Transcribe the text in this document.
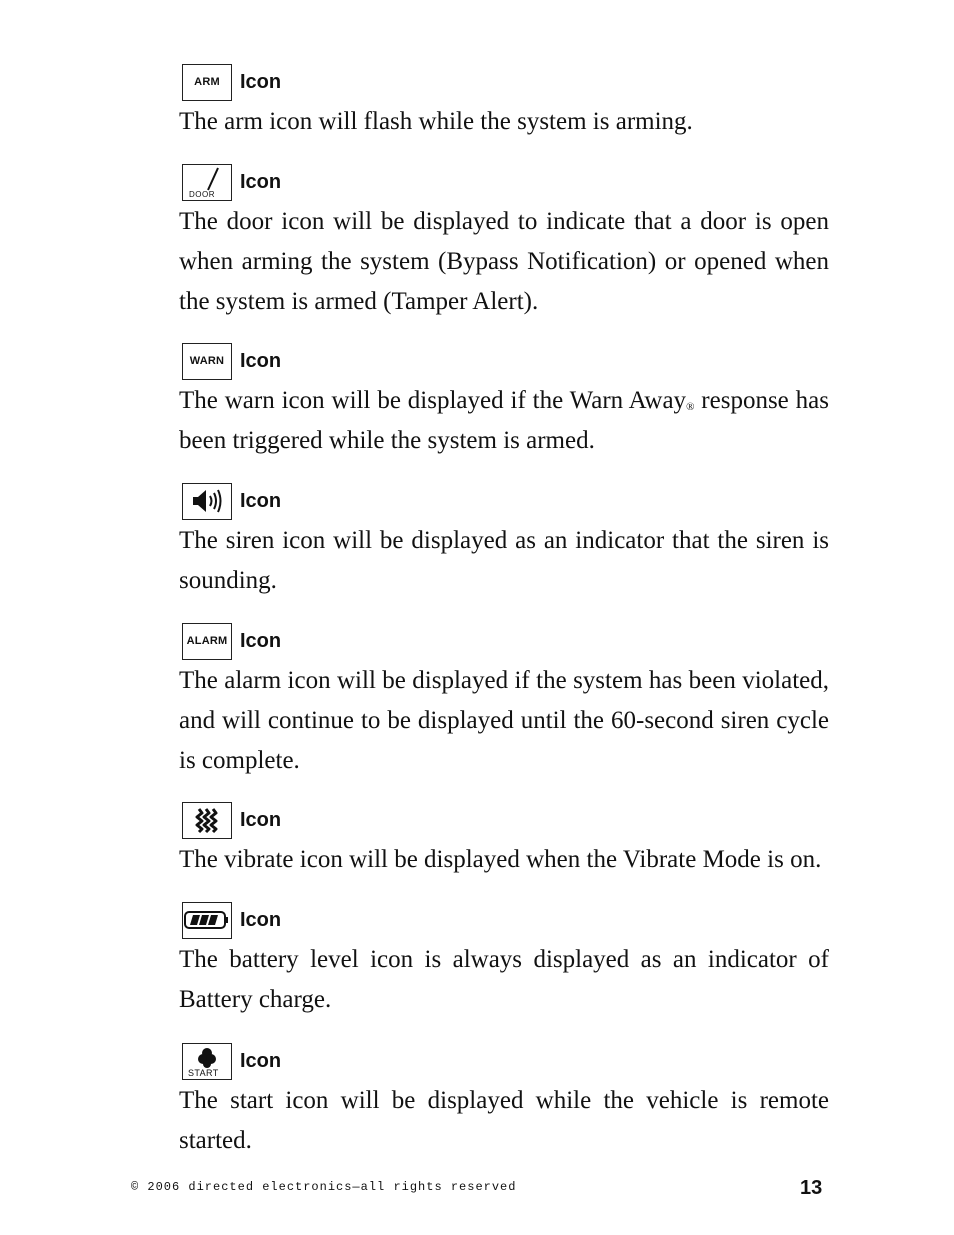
ARM Icon

The arm icon will flash while the system is arming.

DOOR
Icon

The door icon will be displayed to indicate that a door is open when arming the system (Bypass Notification) or opened when the system is armed (Tamper Alert).

WARN Icon

The warn icon will be displayed if the Warn Away® response has been triggered while the system is armed.

Icon

The siren icon will be displayed as an indicator that the siren is sounding.

ALARM Icon

The alarm icon will be displayed if the system has been violated, and will continue to be displayed until the 60-second siren cycle is complete.

Icon

The vibrate icon will be displayed when the Vibrate Mode is on.

Icon

The battery level icon is always displayed as an indicator of Battery charge.

START
Icon

The start icon will be displayed while the vehicle is remote started.

© 2006 directed electronics—all rights reserved	13
